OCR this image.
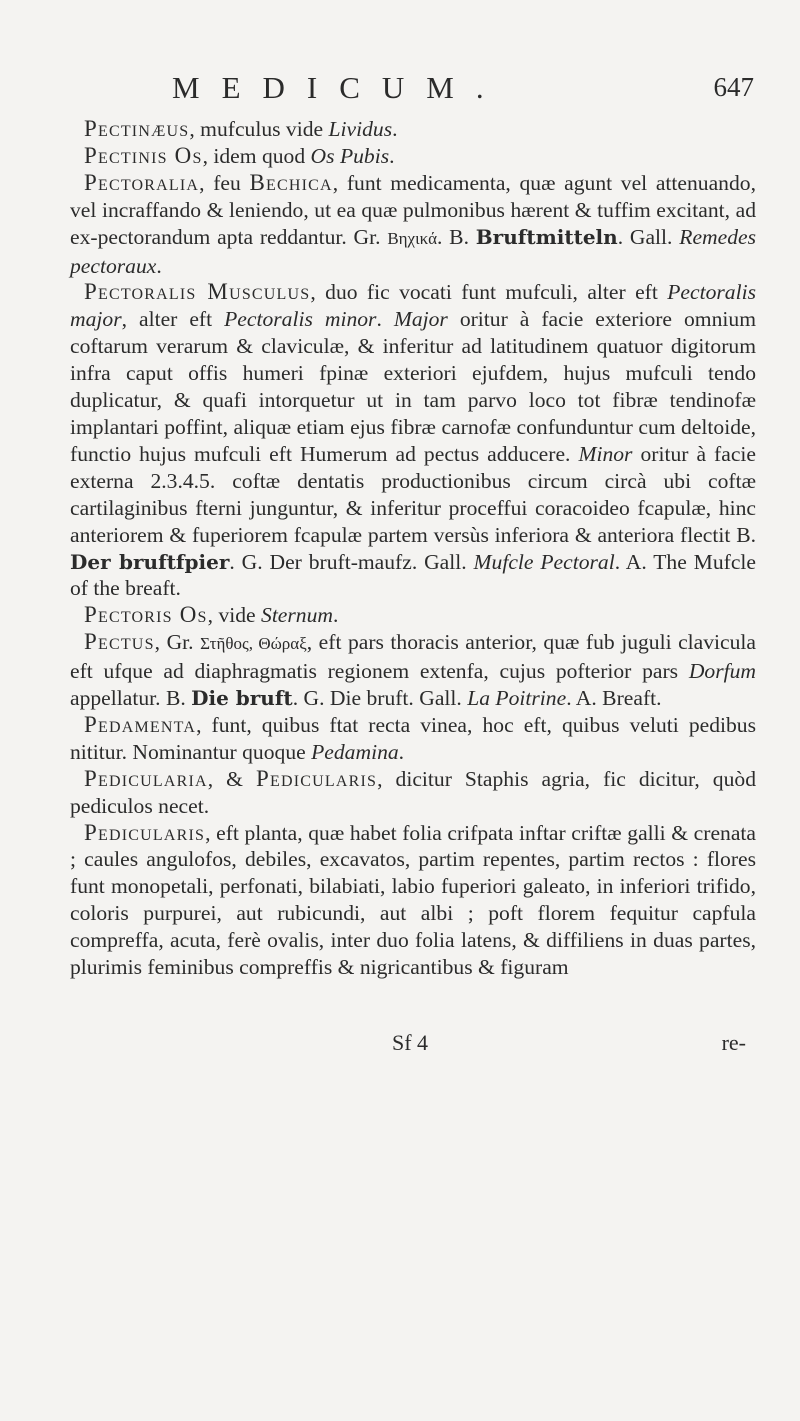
MEDICUM.	647

Pectinæus, mufculus vide Lividus.

Pectinis Os, idem quod Os Pubis.

Pectoralia, feu Bechica, funt medicamenta, quæ agunt vel attenuando, vel incraffando & leniendo, ut ea quæ pulmonibus hærent & tuffim excitant, ad ex-pectorandum apta reddantur. Gr. Βηχικά. B. Bruftmitteln. Gall. Remedes pectoraux.

Pectoralis Musculus, duo fic vocati funt mufculi, alter eft Pectoralis major, alter eft Pectoralis minor. Major oritur à facie exteriore omnium coftarum verarum & claviculæ, & inferitur ad latitudinem quatuor digitorum infra caput offis humeri fpinæ exteriori ejufdem, hujus mufculi tendo duplicatur, & quafi intorquetur ut in tam parvo loco tot fibræ tendinofæ implantari poffint, aliquæ etiam ejus fibræ carnofæ confunduntur cum deltoide, functio hujus mufculi eft Humerum ad pectus adducere. Minor oritur à facie externa 2.3.4.5. coftæ dentatis productionibus circum circà ubi coftæ cartilaginibus fterni junguntur, & inferitur proceffui coracoideo fcapulæ, hinc anteriorem & fuperiorem fcapulæ partem versùs inferiora & anteriora flectit B. Der bruftfpier. G. Der bruft-maufz. Gall. Mufcle Pectoral. A. The Mufcle of the breaft.

Pectoris Os, vide Sternum.

Pectus, Gr. Στῆθος, Θώραξ, eft pars thoracis anterior, quæ fub juguli clavicula eft ufque ad diaphragmatis regionem extenfa, cujus pofterior pars Dorfum appellatur. B. Die bruft. G. Die bruft. Gall. La Poitrine. A. Breaft.

Pedamenta, funt, quibus ftat recta vinea, hoc eft, quibus veluti pedibus nititur. Nominantur quoque Pedamina.

Pedicularia, & Pedicularis, dicitur Staphis agria, fic dicitur, quòd pediculos necet.

Pedicularis, eft planta, quæ habet folia crifpata inftar criftæ galli & crenata ; caules angulofos, debiles, excavatos, partim repentes, partim rectos : flores funt monopetali, perfonati, bilabiati, labio fuperiori galeato, in inferiori trifido, coloris purpurei, aut rubicundi, aut albi ; poft florem fequitur capfula compreffa, acuta, ferè ovalis, inter duo folia latens, & diffiliens in duas partes, plurimis feminibus compreffis & nigricantibus & figuram

Sf 4	re-
